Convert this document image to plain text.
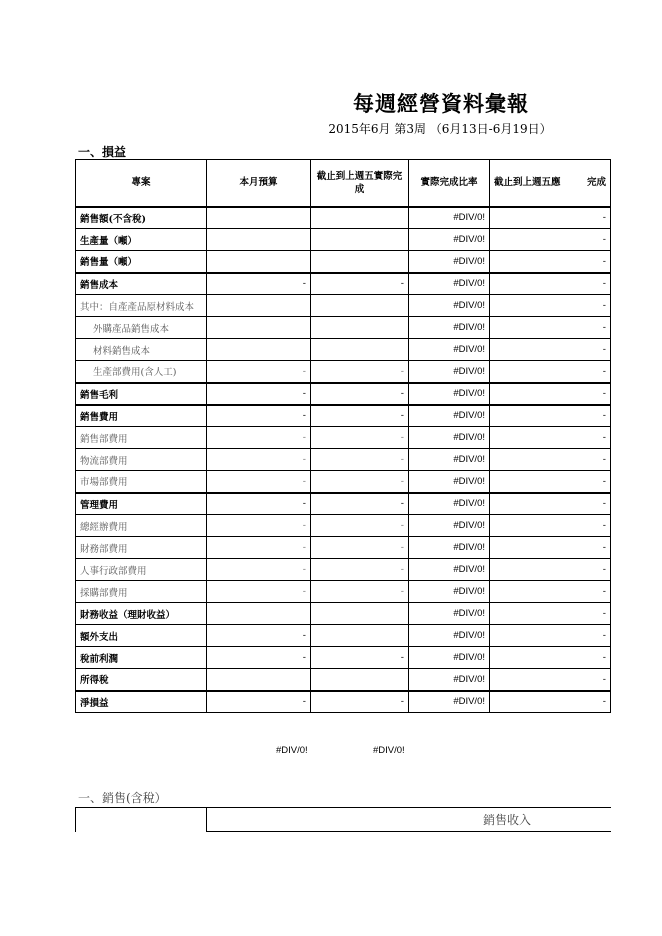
每週經營資料彙報
2015年6月 第3周 （6月13日-6月19日）
一、損益
專案	本月預算	截止到上週五實際完成	實際完成比率	截止到上週五應 完成

銷售額(不含稅)			#DIV/0!	-
生產量（噸）			#DIV/0!	-
銷售量（噸）			#DIV/0!	-
銷售成本	-	-	#DIV/0!	-
其中：自產產品原材料成本			#DIV/0!	-
外購產品銷售成本			#DIV/0!	-
材料銷售成本			#DIV/0!	-
生產部費用(含人工)	-	-	#DIV/0!	-
銷售毛利	-	-	#DIV/0!	-
銷售費用	-	-	#DIV/0!	-
銷售部費用	-	-	#DIV/0!	-
物流部費用	-	-	#DIV/0!	-
市場部費用	-	-	#DIV/0!	-
管理費用	-	-	#DIV/0!	-
總經辦費用	-	-	#DIV/0!	-
財務部費用	-	-	#DIV/0!	-
人事行政部費用	-	-	#DIV/0!	-
採購部費用	-	-	#DIV/0!	-
財務收益（理財收益）			#DIV/0!	-
額外支出	-		#DIV/0!	-
稅前利潤	-	-	#DIV/0!	-
所得稅			#DIV/0!	-
淨損益	-	-	#DIV/0!	-
#DIV/0!	#DIV/0!
一、銷售(含稅）
銷售收入
